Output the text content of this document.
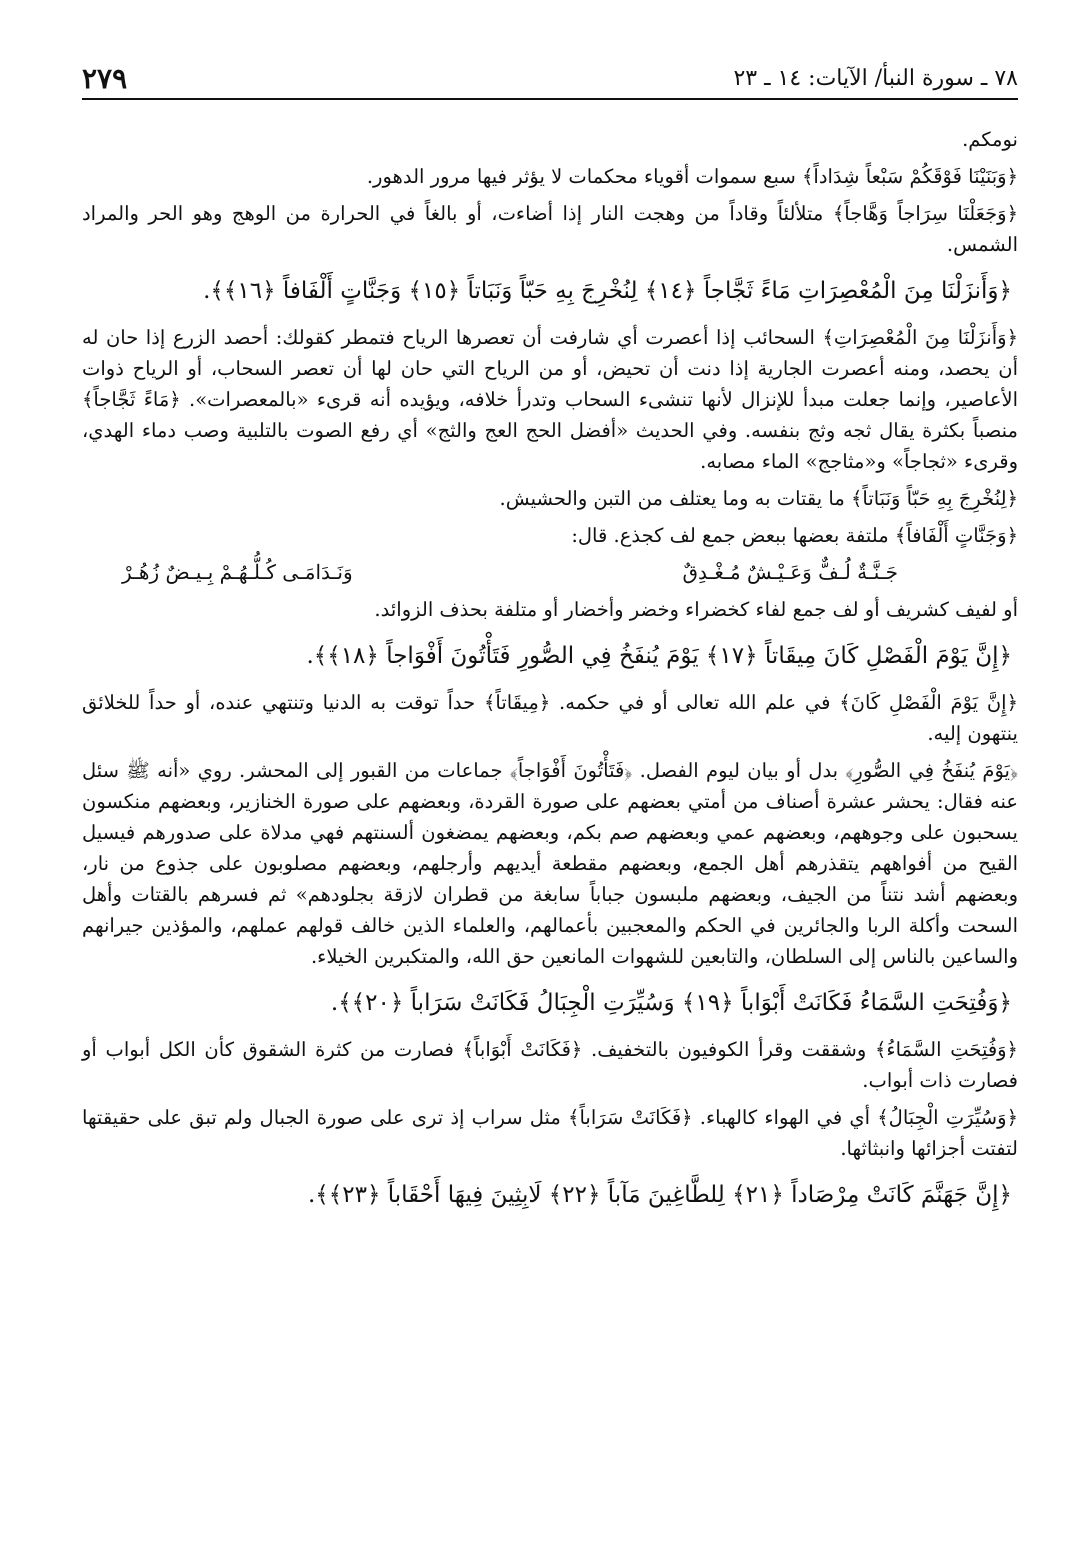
٧٨ ـ سورة النبأ/ الآيات: ١٤ ـ ٢٣
٢٧٩

نومكم.

﴿وَبَنَيْنَا فَوْقَكُمْ سَبْعاً شِدَاداً﴾ سبع سموات أقوياء محكمات لا يؤثر فيها مرور الدهور.

﴿وَجَعَلْنَا سِرَاجاً وَهَّاجاً﴾ متلألئاً وقاداً من وهجت النار إذا أضاءت، أو بالغاً في الحرارة من الوهج وهو الحر والمراد الشمس.

﴿وَأَنزَلْنَا مِنَ الْمُعْصِرَاتِ مَاءً ثَجَّاجاً ﴿١٤﴾ لِنُخْرِجَ بِهِ حَبّاً وَنَبَاتاً ﴿١٥﴾ وَجَنَّاتٍ أَلْفَافاً ﴿١٦﴾﴾.

﴿وَأَنزَلْنَا مِنَ الْمُعْصِرَاتِ﴾ السحائب إذا أعصرت أي شارفت أن تعصرها الرياح فتمطر كقولك: أحصد الزرع إذا حان له أن يحصد، ومنه أعصرت الجارية إذا دنت أن تحيض، أو من الرياح التي حان لها أن تعصر السحاب، أو الرياح ذوات الأعاصير، وإنما جعلت مبدأ للإنزال لأنها تنشىء السحاب وتدرأ خلافه، ويؤيده أنه قرىء «بالمعصرات». ﴿مَاءً ثَجَّاجاً﴾ منصباً بكثرة يقال ثجه وثج بنفسه. وفي الحديث «أفضل الحج العج والثج» أي رفع الصوت بالتلبية وصب دماء الهدي، وقرىء «ثجاجاً» و«مثاجج» الماء مصابه.

﴿لِنُخْرِجَ بِهِ حَبّاً وَنَبَاتاً﴾ ما يقتات به وما يعتلف من التبن والحشيش.

﴿وَجَنَّاتٍ أَلْفَافاً﴾ ملتفة بعضها ببعض جمع لف كجذع. قال:

جَـنَّـةٌ لُـفٌّ وَعَـيْـشٌ مُـغْـدِقٌ
وَنَـدَامَـى كُـلُّـهُـمْ بِـيـضٌ زُهُـرْ

أو لفيف كشريف أو لف جمع لفاء كخضراء وخضر وأخضار أو متلفة بحذف الزوائد.

﴿إِنَّ يَوْمَ الْفَصْلِ كَانَ مِيقَاتاً ﴿١٧﴾ يَوْمَ يُنفَخُ فِي الصُّورِ فَتَأْتُونَ أَفْوَاجاً ﴿١٨﴾﴾.

﴿إِنَّ يَوْمَ الْفَصْلِ كَانَ﴾ في علم الله تعالى أو في حكمه. ﴿مِيقَاتاً﴾ حداً توقت به الدنيا وتنتهي عنده، أو حداً للخلائق ينتهون إليه.

﴿يَوْمَ يُنفَخُ فِي الصُّورِ﴾ بدل أو بيان ليوم الفصل. ﴿فَتَأْتُونَ أَفْوَاجاً﴾ جماعات من القبور إلى المحشر. روي «أنه ﷺ سئل عنه فقال: يحشر عشرة أصناف من أمتي بعضهم على صورة القردة، وبعضهم على صورة الخنازير، وبعضهم منكسون يسحبون على وجوههم، وبعضهم عمي وبعضهم صم بكم، وبعضهم يمضغون ألسنتهم فهي مدلاة على صدورهم فيسيل القيح من أفواههم يتقذرهم أهل الجمع، وبعضهم مقطعة أيديهم وأرجلهم، وبعضهم مصلوبون على جذوع من نار، وبعضهم أشد نتناً من الجيف، وبعضهم ملبسون جباباً سابغة من قطران لازقة بجلودهم» ثم فسرهم بالقتات وأهل السحت وأكلة الربا والجائرين في الحكم والمعجبين بأعمالهم، والعلماء الذين خالف قولهم عملهم، والمؤذين جيرانهم والساعين بالناس إلى السلطان، والتابعين للشهوات المانعين حق الله، والمتكبرين الخيلاء.

﴿وَفُتِحَتِ السَّمَاءُ فَكَانَتْ أَبْوَاباً ﴿١٩﴾ وَسُيِّرَتِ الْجِبَالُ فَكَانَتْ سَرَاباً ﴿٢٠﴾﴾.

﴿وَفُتِحَتِ السَّمَاءُ﴾ وشققت وقرأ الكوفيون بالتخفيف. ﴿فَكَانَتْ أَبْوَاباً﴾ فصارت من كثرة الشقوق كأن الكل أبواب أو فصارت ذات أبواب.

﴿وَسُيِّرَتِ الْجِبَالُ﴾ أي في الهواء كالهباء. ﴿فَكَانَتْ سَرَاباً﴾ مثل سراب إذ ترى على صورة الجبال ولم تبق على حقيقتها لتفتت أجزائها وانبثاثها.

﴿إِنَّ جَهَنَّمَ كَانَتْ مِرْصَاداً ﴿٢١﴾ لِلطَّاغِينَ مَآباً ﴿٢٢﴾ لَابِثِينَ فِيهَا أَحْقَاباً ﴿٢٣﴾﴾.
